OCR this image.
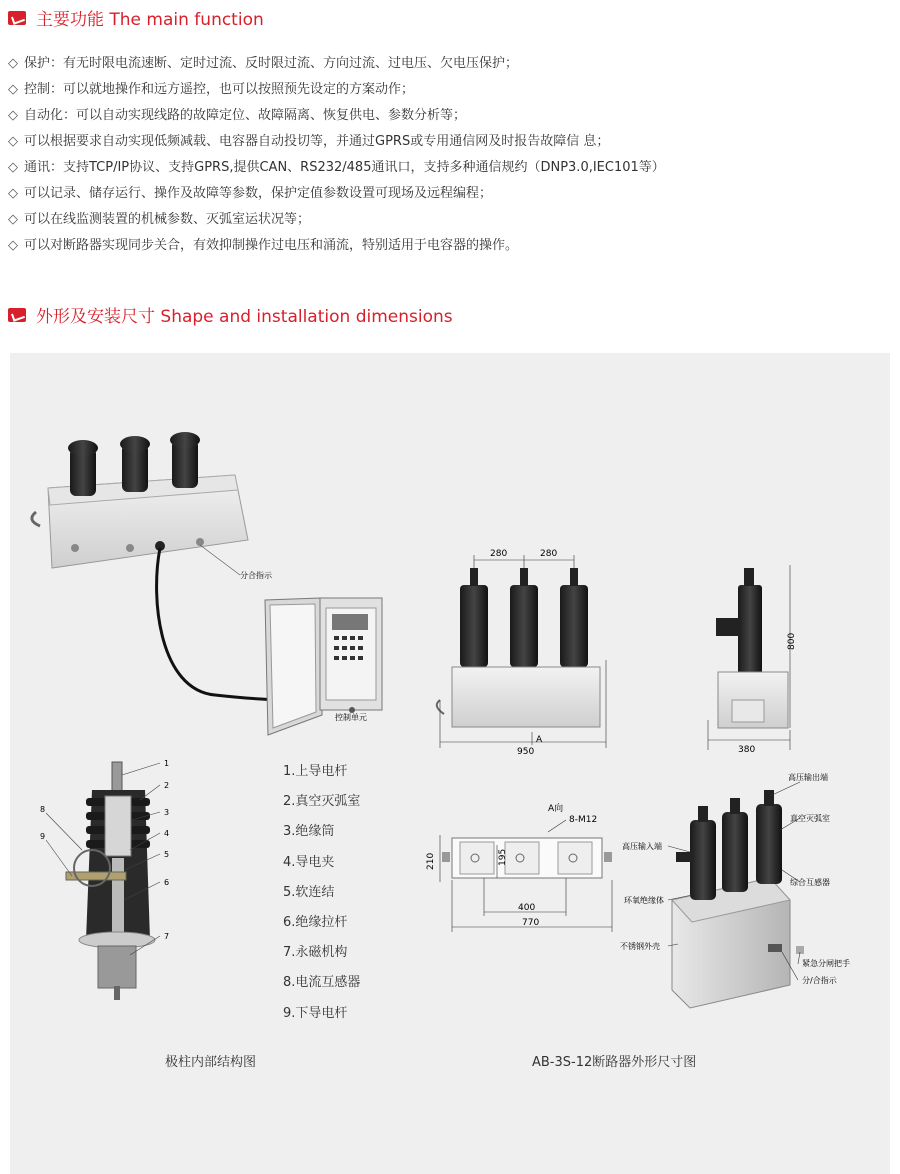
主要功能 The main function
◇ 保护：有无时限电流速断、定时过流、反时限过流、方向过流、过电压、欠电压保护；
◇ 控制：可以就地操作和远方遥控，也可以按照预先设定的方案动作；
◇ 自动化：可以自动实现线路的故障定位、故障隔离、恢复供电、参数分析等；
◇ 可以根据要求自动实现低频减载、电容器自动投切等，并通过GPRS或专用通信网及时报告故障信 息；
◇ 通讯：支持TCP/IP协议、支持GPRS,提供CAN、RS232/485通讯口，支持多种通信规约（DNP3.0,IEC101等）
◇ 可以记录、储存运行、操作及故障等参数，保护定值参数设置可现场及远程编程；
◇ 可以在线监测装置的机械参数、灭弧室运状况等；
◇ 可以对断路器实现同步关合，有效抑制操作过电压和涌流，特别适用于电容器的操作。
外形及安装尺寸 Shape and installation dimensions
分合指示
控制单元
1
2
3
4
5
6
7
8
9
280	280
A
950
800
380
A向
8-M12
210	195
400
770
高压输出端
真空灭弧室
高压输入端
综合互感器
环氧绝缘体
不锈钢外壳
紧急分闸把手
分/合指示
1.上导电杆
2.真空灭弧室
3.绝缘筒
4.导电夹
5.软连结
6.绝缘拉杆
7.永磁机构
8.电流互感器
9.下导电杆
极柱内部结构图	AB-3S-12断路器外形尺寸图
